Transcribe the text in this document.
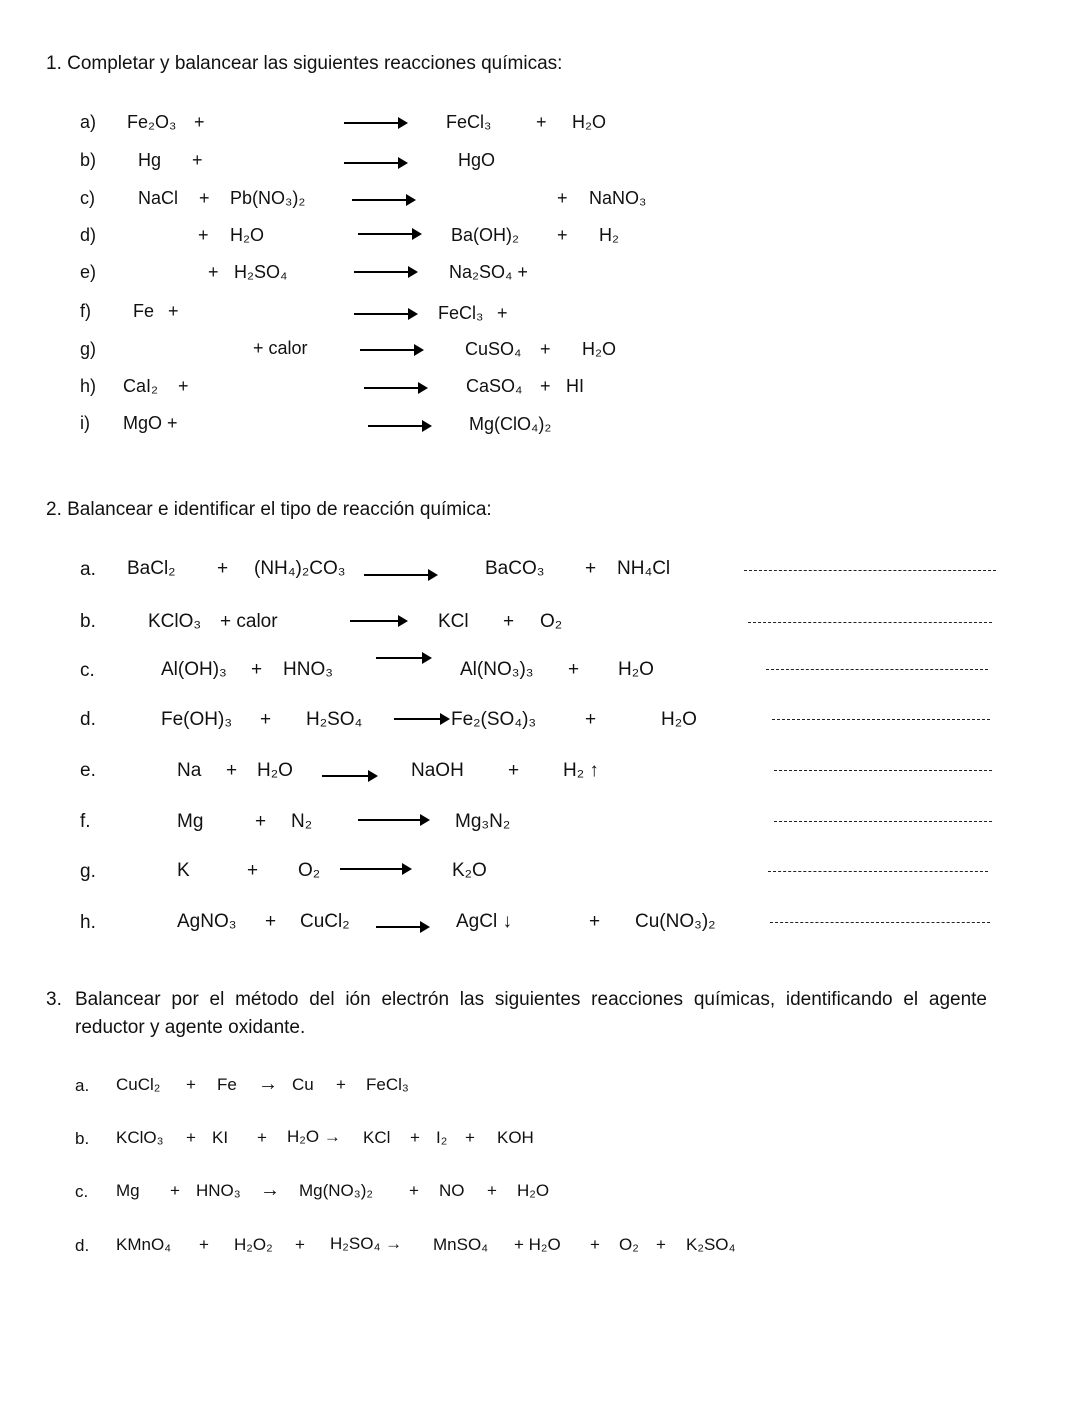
1. Completar y balancear las siguientes reacciones químicas:
a) Fe₂O₃ +	FeCl₃ + H₂O
b) Hg +	HgO
c) NaCl + Pb(NO₃)₂	+ NaNO₃
d)	+ H₂O	Ba(OH)₂ + H₂
e)	+ H₂SO₄	Na₂SO₄ +
f) Fe +	→ FeCl₃ +
g)	+ calor	CuSO₄ + H₂O
h) CaI₂ +	CaSO₄ + HI
i) MgO +	Mg(ClO₄)₂
2. Balancear e identificar el tipo de reacción química:
a. BaCl₂ + (NH₄)₂CO₃	BaCO₃ + NH₄Cl
b.	KClO₃ + calor	KCl + O₂
c.	Al(OH)₃ + HNO₃	Al(NO₃)₃ + H₂O
d.	Fe(OH)₃ + H₂SO₄ → Fe₂(SO₄)₃	+	H₂O
e.	Na + H₂O	NaOH + H₂ ↑
f.	Mg	+ N₂	Mg₃N₂
g.	K	+ O₂	K₂O
h.	AgNO₃ + CuCl₂	AgCl ↓	+ Cu(NO₃)₂
3. Balancear por el método del ión electrón las siguientes reacciones químicas, identificando el agente
reductor y agente oxidante.
a. CuCl₂ + Fe → Cu + FeCl₃
b. KClO₃ + KI + H₂O → KCl + I₂ + KOH
c. Mg + HNO₃ → Mg(NO₃)₂ + NO + H₂O
d. KMnO₄ + H₂O₂ + H₂SO₄ → MnSO₄ + H₂O + O₂ + K₂SO₄
